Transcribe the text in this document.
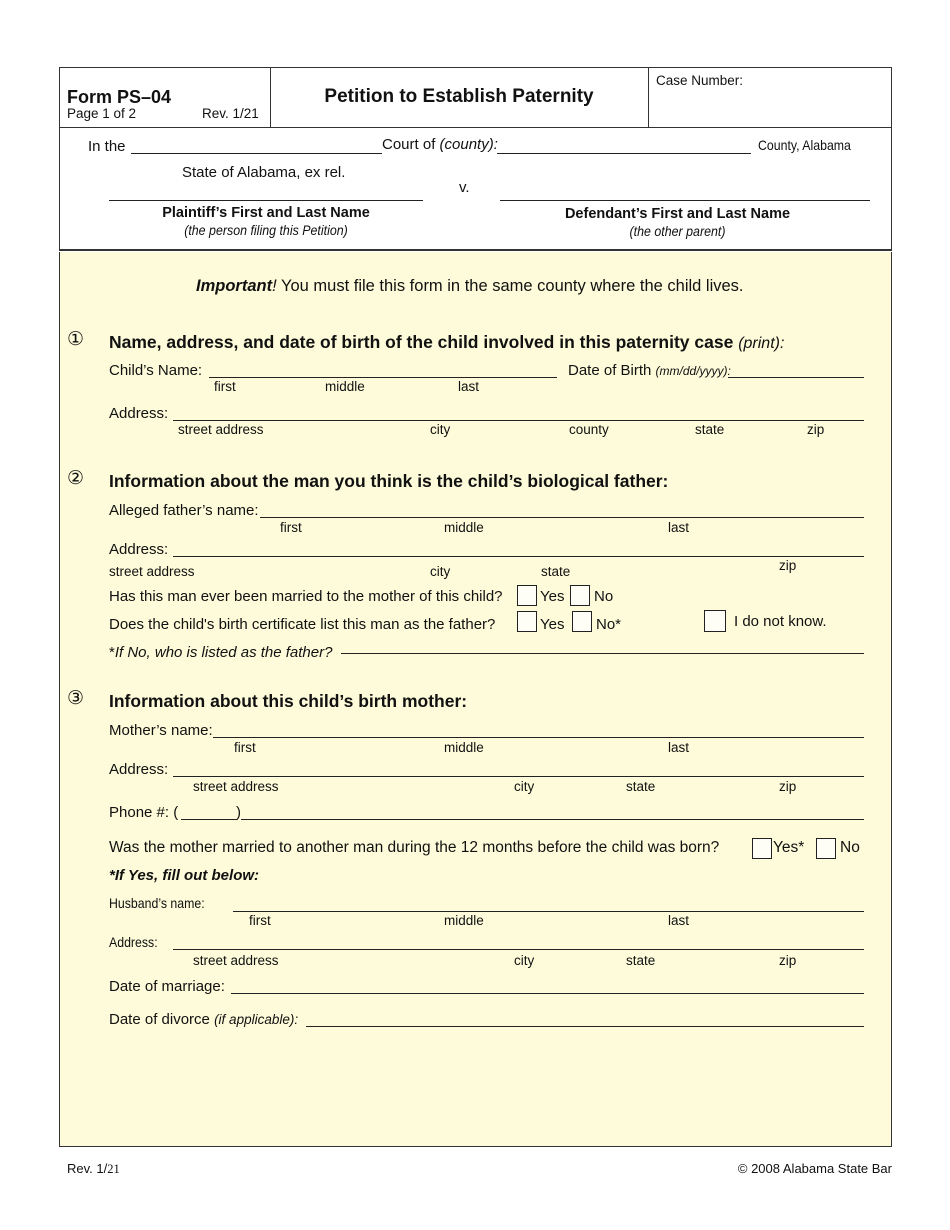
Form PS–04
Page 1 of 2	Rev. 1/21
Petition to Establish Paternity
Case Number:
In the	Court of (county):	County, Alabama
State of Alabama, ex rel.
v.
Plaintiff’s First and Last Name
(the person filing this Petition)
Defendant’s First and Last Name
(the other parent)
Important! You must file this form in the same county where the child lives.
① Name, address, and date of birth of the child involved in this paternity case (print):
Child’s Name:	Date of Birth (mm/dd/yyyy):
first	middle	last
Address:
street address	city	county	state	zip
② Information about the man you think is the child’s biological father:
Alleged father’s name:
first	middle	last
Address:
street address	city	state	zip
Has this man ever been married to the mother of this child? Yes No
Does the child's birth certificate list this man as the father?	Yes No*	I do not know.
*If No, who is listed as the father?
③ Information about this child’s birth mother:
Mother’s name:
first	middle	last
Address:
street address	city	state	zip
Phone #: (	)
Was the mother married to another man during the 12 months before the child was born?	Yes* No
*If Yes, fill out below:
Husband’s name:
first	middle	last
Address:
street address	city	state	zip
Date of marriage:
Date of divorce (if applicable):
Rev. 1/21	© 2008 Alabama State Bar
